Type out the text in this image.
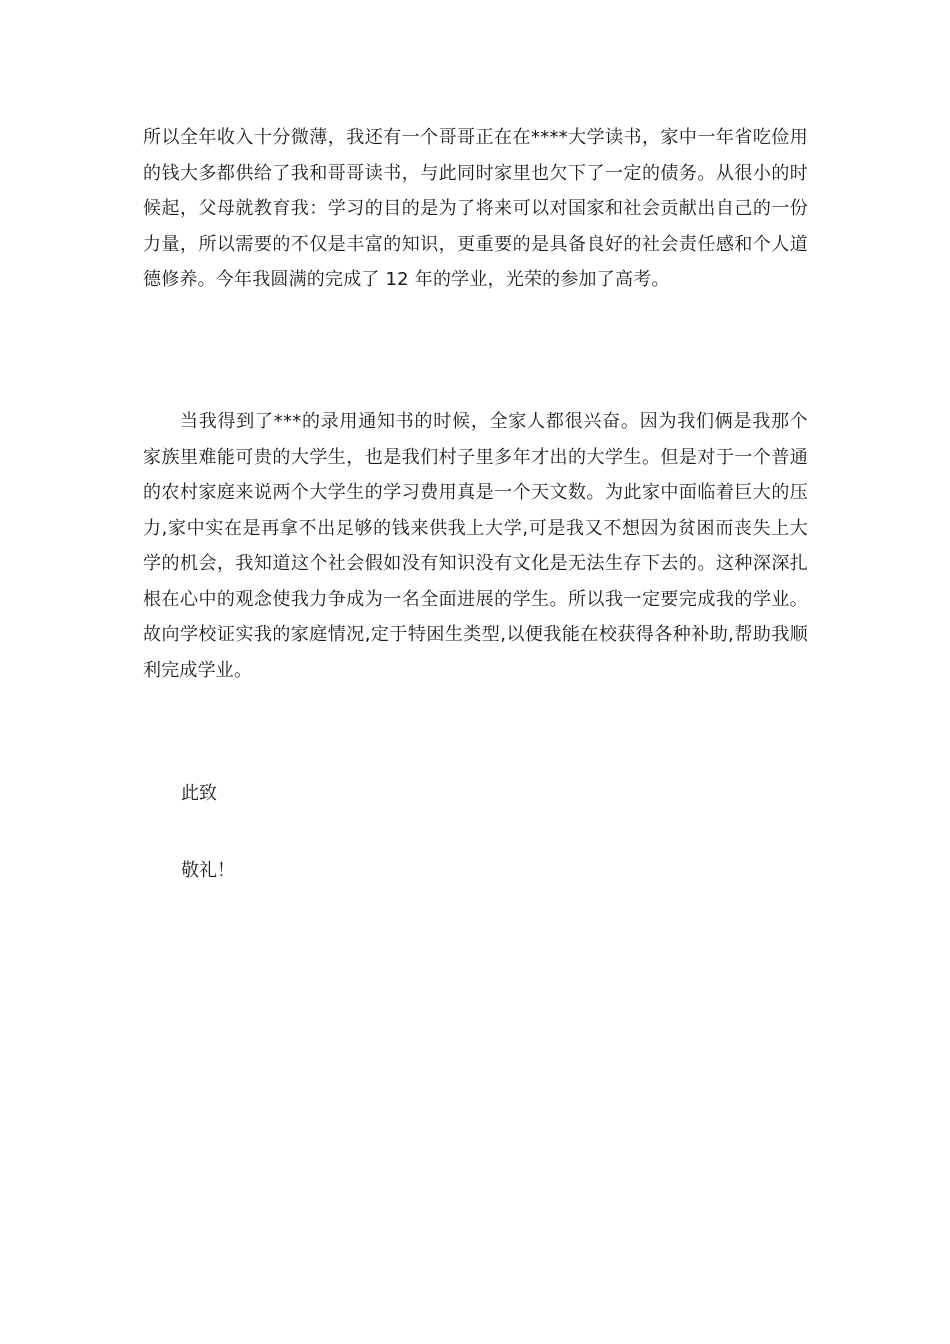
所以全年收入十分微薄，我还有一个哥哥正在在****大学读书，家中一年省吃俭用的钱大多都供给了我和哥哥读书，与此同时家里也欠下了一定的债务。从很小的时候起，父母就教育我：学习的目的是为了将来可以对国家和社会贡献出自己的一份力量，所以需要的不仅是丰富的知识，更重要的是具备良好的社会责任感和个人道德修养。今年我圆满的完成了 12 年的学业，光荣的参加了高考。

当我得到了***的录用通知书的时候，全家人都很兴奋。因为我们俩是我那个家族里难能可贵的大学生，也是我们村子里多年才出的大学生。但是对于一个普通的农村家庭来说两个大学生的学习费用真是一个天文数。为此家中面临着巨大的压力,家中实在是再拿不出足够的钱来供我上大学,可是我又不想因为贫困而丧失上大学的机会，我知道这个社会假如没有知识没有文化是无法生存下去的。这种深深扎根在心中的观念使我力争成为一名全面进展的学生。所以我一定要完成我的学业。故向学校证实我的家庭情况,定于特困生类型,以便我能在校获得各种补助,帮助我顺利完成学业。

此致

敬礼！
